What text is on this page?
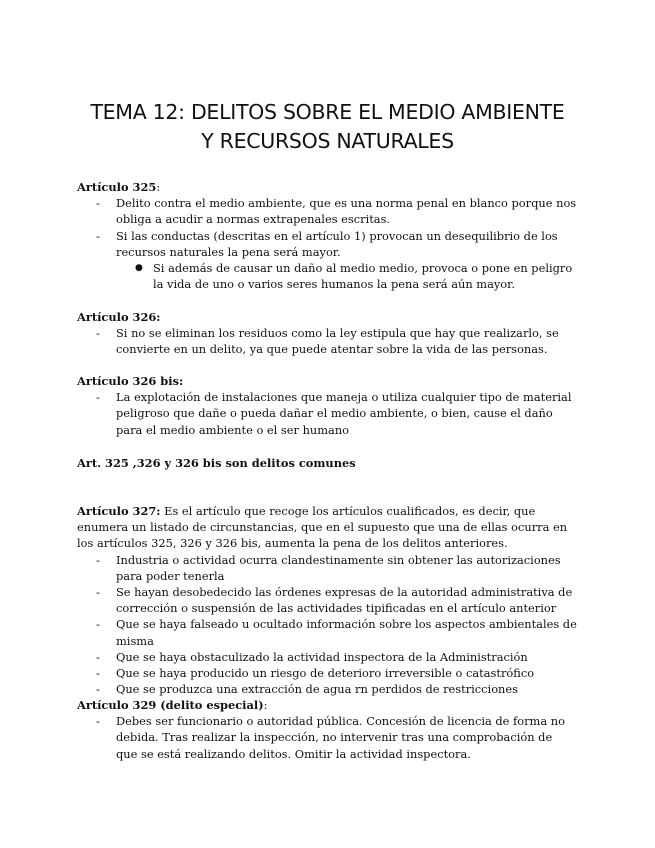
TEMA 12: DELITOS SOBRE EL MEDIO AMBIENTE
Y RECURSOS NATURALES

Artículo 325:

- Delito contra el medio ambiente, que es una norma penal en blanco porque nos obliga a acudir a normas extrapenales escritas.
- Si las conductas (descritas en el artículo 1) provocan un desequilibrio de los recursos naturales la pena será mayor.
● Si además de causar un daño al medio medio, provoca o pone en peligro la vida de uno o varios seres humanos la pena será aún mayor.

Artículo 326:

- Si no se eliminan los residuos como la ley estipula que hay que realizarlo, se convierte en un delito, ya que puede atentar sobre la vida de las personas.

Artículo 326 bis:

- La explotación de instalaciones que maneja o utiliza cualquier tipo de material peligroso que dañe o pueda dañar el medio ambiente, o bien, cause el daño para el medio ambiente o el ser humano

Art. 325 ,326 y 326 bis son delitos comunes

Artículo 327: Es el artículo que recoge los artículos cualificados, es decir, que enumera un listado de circunstancias, que en el supuesto que una de ellas ocurra en los artículos 325, 326 y 326 bis, aumenta la pena de los delitos anteriores.

- Industria o actividad ocurra clandestinamente sin obtener las autorizaciones para poder tenerla
- Se hayan desobedecido las órdenes expresas de la autoridad administrativa de corrección o suspensión de las actividades tipificadas en el artículo anterior
- Que se haya falseado u ocultado información sobre los aspectos ambientales de misma
- Que se haya obstaculizado la actividad inspectora de la Administración
- Que se haya producido un riesgo de deterioro irreversible o catastrófico
- Que se produzca una extracción de agua rn perdidos de restricciones

Artículo 329 (delito especial):

- Debes ser funcionario o autoridad pública. Concesión de licencia de forma no debida. Tras realizar la inspección, no intervenir tras una comprobación de que se está realizando delitos. Omitir la actividad inspectora.
